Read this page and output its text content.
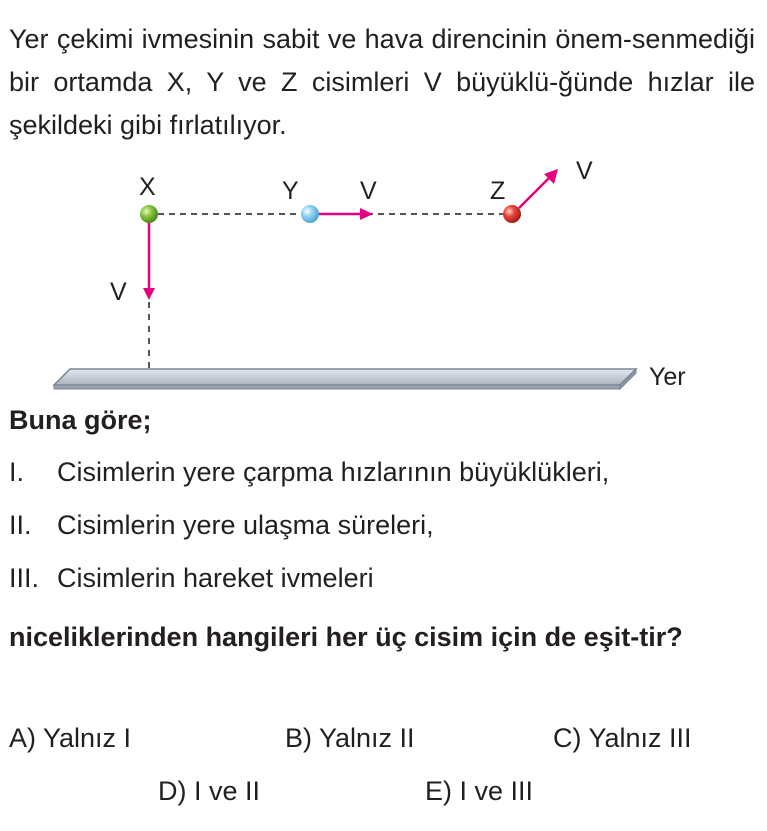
Yer çekimi ivmesinin sabit ve hava direncinin önem-senmediği bir ortamda X, Y ve Z cisimleri V büyüklü-ğünde hızlar ile şekildeki gibi fırlatılıyor.

X	Y V	Z
V
V
Yer

Buna göre;

I. Cisimlerin yere çarpma hızlarının büyüklükleri,
II. Cisimlerin yere ulaşma süreleri,
III. Cisimlerin hareket ivmeleri

niceliklerinden hangileri her üç cisim için de eşit-tir?

A) Yalnız I	B) Yalnız II	C) Yalnız III
D) I ve II	E) I ve III
